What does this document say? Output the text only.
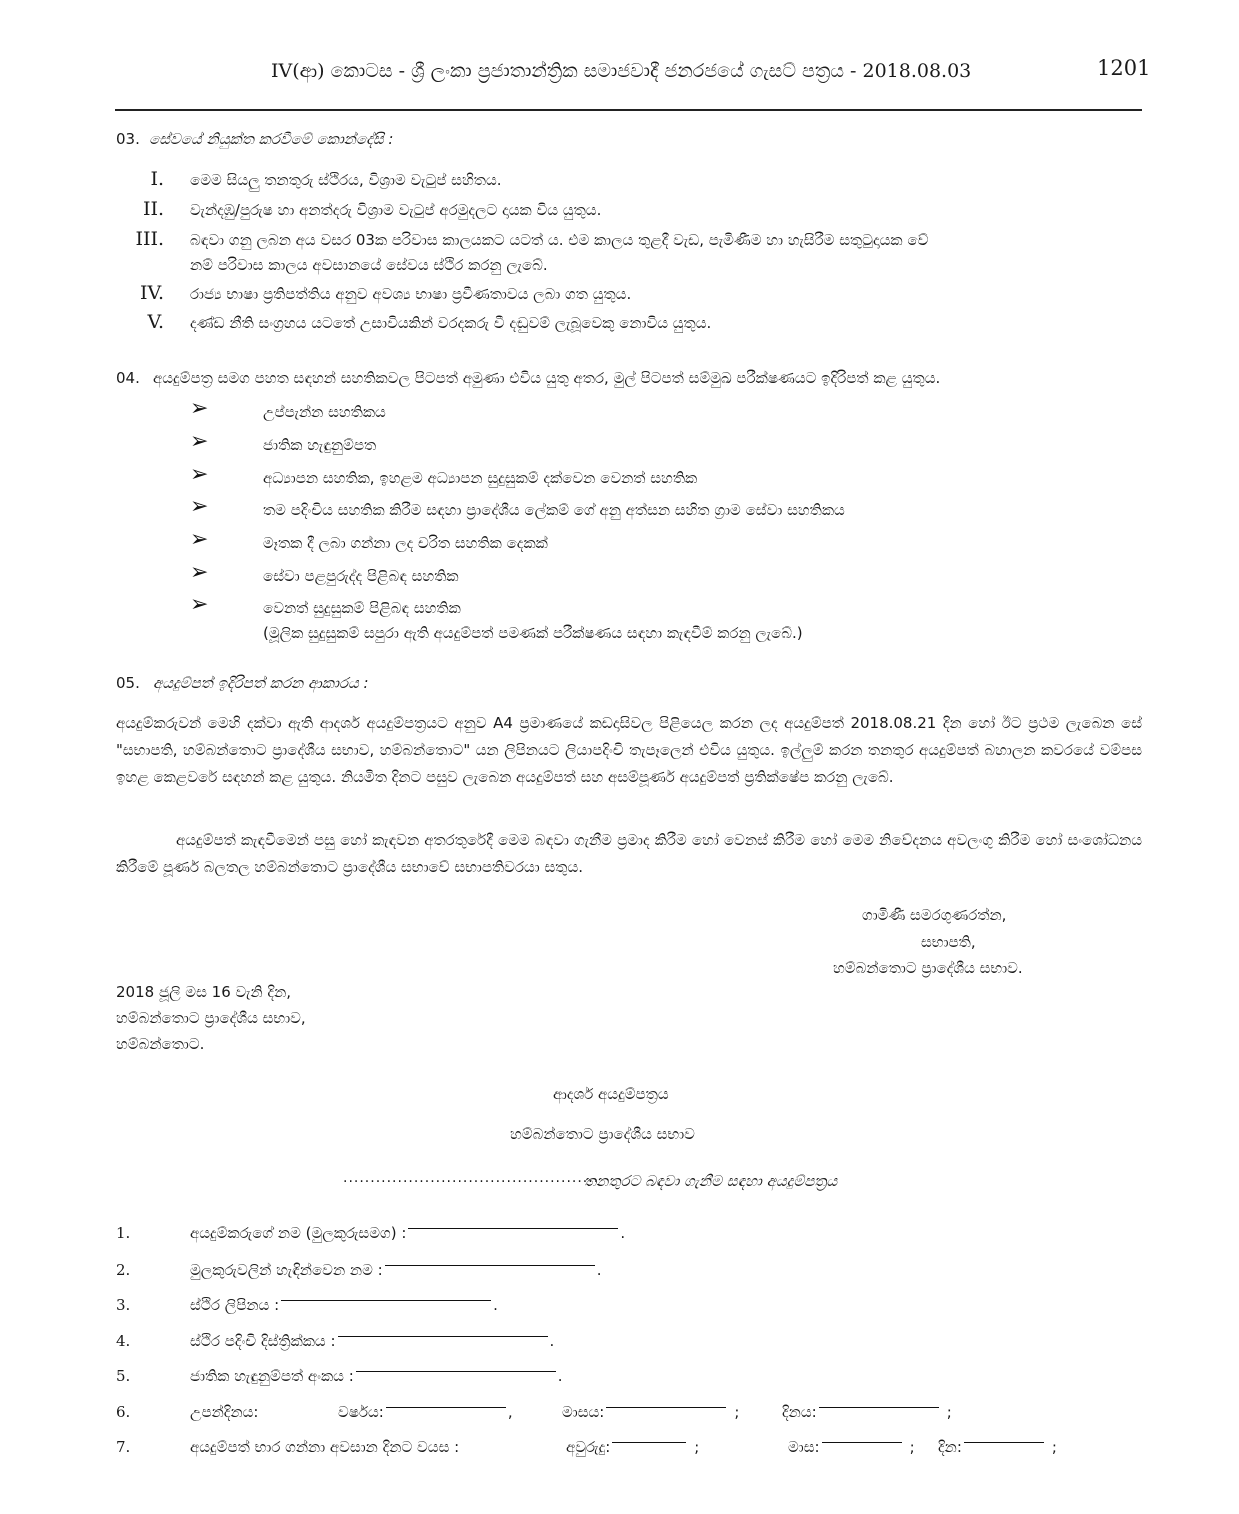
IV(ආ) කොටස - ශ්‍රී ලංකා ප්‍රජාතාන්ත්‍රික සමාජවාදී ජනරජයේ ගැසට් පත්‍රය - 2018.08.03	1201
03. සේවයේ නියුක්ත කරවීමේ කොන්දේසි :
I. මෙම සියලු තනතුරු ස්ථිරය, විශ්‍රාම වැටුප් සහිතය.
II. වැන්දඹු/පුරුෂ හා අනත්දරු විශ්‍රාම වැටුප් අරමුදලට දායක විය යුතුය.
III. බඳවා ගනු ලබන අය වසර 03ක පරිවාස කාලයකට යටත් ය. එම කාලය තුළදී වැඩ, පැමිණීම හා හැසිරීම සතුටුදායක වේ
නම් පරිවාස කාලය අවසානයේ සේවය ස්ථිර කරනු ලැබේ.
IV. රාජ්‍ය භාෂා ප්‍රතිපත්තිය අනුව අවශ්‍ය භාෂා ප්‍රවීණතාවය ලබා ගත යුතුය.
V. දණ්ඩ නීති සංග්‍රහය යටතේ උසාවියකින් වරදකරු වී දඬුවම් ලැබූවෙකු නොවිය යුතුය.
04. අයදුම්පත්‍ර සමග පහත සඳහන් සහතිකවල පිටපත් අමුණා එවිය යුතු අතර, මුල් පිටපත් සම්මුඛ පරීක්ෂණයට ඉදිරිපත් කළ යුතුය.
➢	උප්පැන්න සහතිකය
➢	ජාතික හැඳුනුම්පත
➢	අධ්‍යාපන සහතික, ඉහළම අධ්‍යාපන සුදුසුකම් දක්වෙන වෙනත් සහතික
➢	තම පදිංචිය සහතික කිරීම සඳහා ප්‍රාදේශීය ලේකම් ගේ අනු අත්සන සහිත ග්‍රාම සේවා සහතිකය
➢	මෑතක දී ලබා ගන්නා ලද චරිත සහතික දෙකක්
➢	සේවා පළපුරුද්ද පිළිබඳ සහතික
➢	වෙනත් සුදුසුකම් පිළිබඳ සහතික
(මූලික සුදුසුකම් සපුරා ඇති අයදුම්පත් පමණක් පරීක්ෂණය සඳහා කැඳවීම් කරනු ලැබේ.)
05. අයදුම්පත් ඉදිරිපත් කරන ආකාරය :
අයදුම්කරුවන් මෙහි දක්වා ඇති ආදර්ශ අයදුම්පත්‍රයට අනුව A4 ප්‍රමාණයේ කඩදාසිවල පිළියෙල කරන ලද අයදුම්පත් 2018.08.21 දින හෝ ඊට ප්‍රථම ලැබෙන සේ "සභාපති, හම්බන්තොට ප්‍රාදේශීය සභාව, හම්බන්තොට" යන ලිපිනයට ලියාපදිංචි තැපෑලෙන් එවිය යුතුය. ඉල්ලුම් කරන තනතුර අයදුම්පත් බහාලන කවරයේ වම්පස ඉහළ කෙළවරේ සඳහන් කළ යුතුය. නියමිත දිනට පසුව ලැබෙන අයදුම්පත් සහ අසම්පූර්ණ අයදුම්පත් ප්‍රතික්ෂේප කරනු ලැබේ.
අයදුම්පත් කැඳවීමෙන් පසු හෝ කැඳවන අතරතුරේදී මෙම බඳවා ගැනීම ප්‍රමාද කිරීම හෝ වෙනස් කිරීම හෝ මෙම නිවේදනය අවලංගු කිරීම හෝ සංශෝධනය කිරීමේ පූර්ණ බලතල හම්බන්තොට ප්‍රාදේශීය සභාවේ සභාපතිවරයා සතුය.
ගාමිණී සමරගුණරත්න,
සභාපති,
හම්බන්තොට ප්‍රාදේශීය සභාව.
2018 ජූලි මස 16 වැනි දින,
හම්බන්තොට ප්‍රාදේශීය සභාව,
හම්බන්තොට.
ආදර්ශ අයදුම්පත්‍රය
හම්බන්තොට ප්‍රාදේශීය සභාව
...............................................
තනතුරට බඳවා ගැනීම සඳහා අයදුම්පත්‍රය
1.	අයදුම්කරුගේ නම (මුලකුරුසමග) :	.
2.	මුලකුරුවලින් හැඳින්වෙන නම :	.
3.	ස්ථිර ලිපිනය :	.
4.	ස්ථිර පදිංචි දිස්ත්‍රික්කය :	.
5.	ජාතික හැඳුනුම්පත් අංකය :	.
6.	උපන්දිනය:	වර්ෂය:	,	මාසය:	;	දිනය:	;
7.	අයදුම්පත් භාර ගන්නා අවසාන දිනට වයස :	අවුරුදු:	;	මාස:	; දින:	;
